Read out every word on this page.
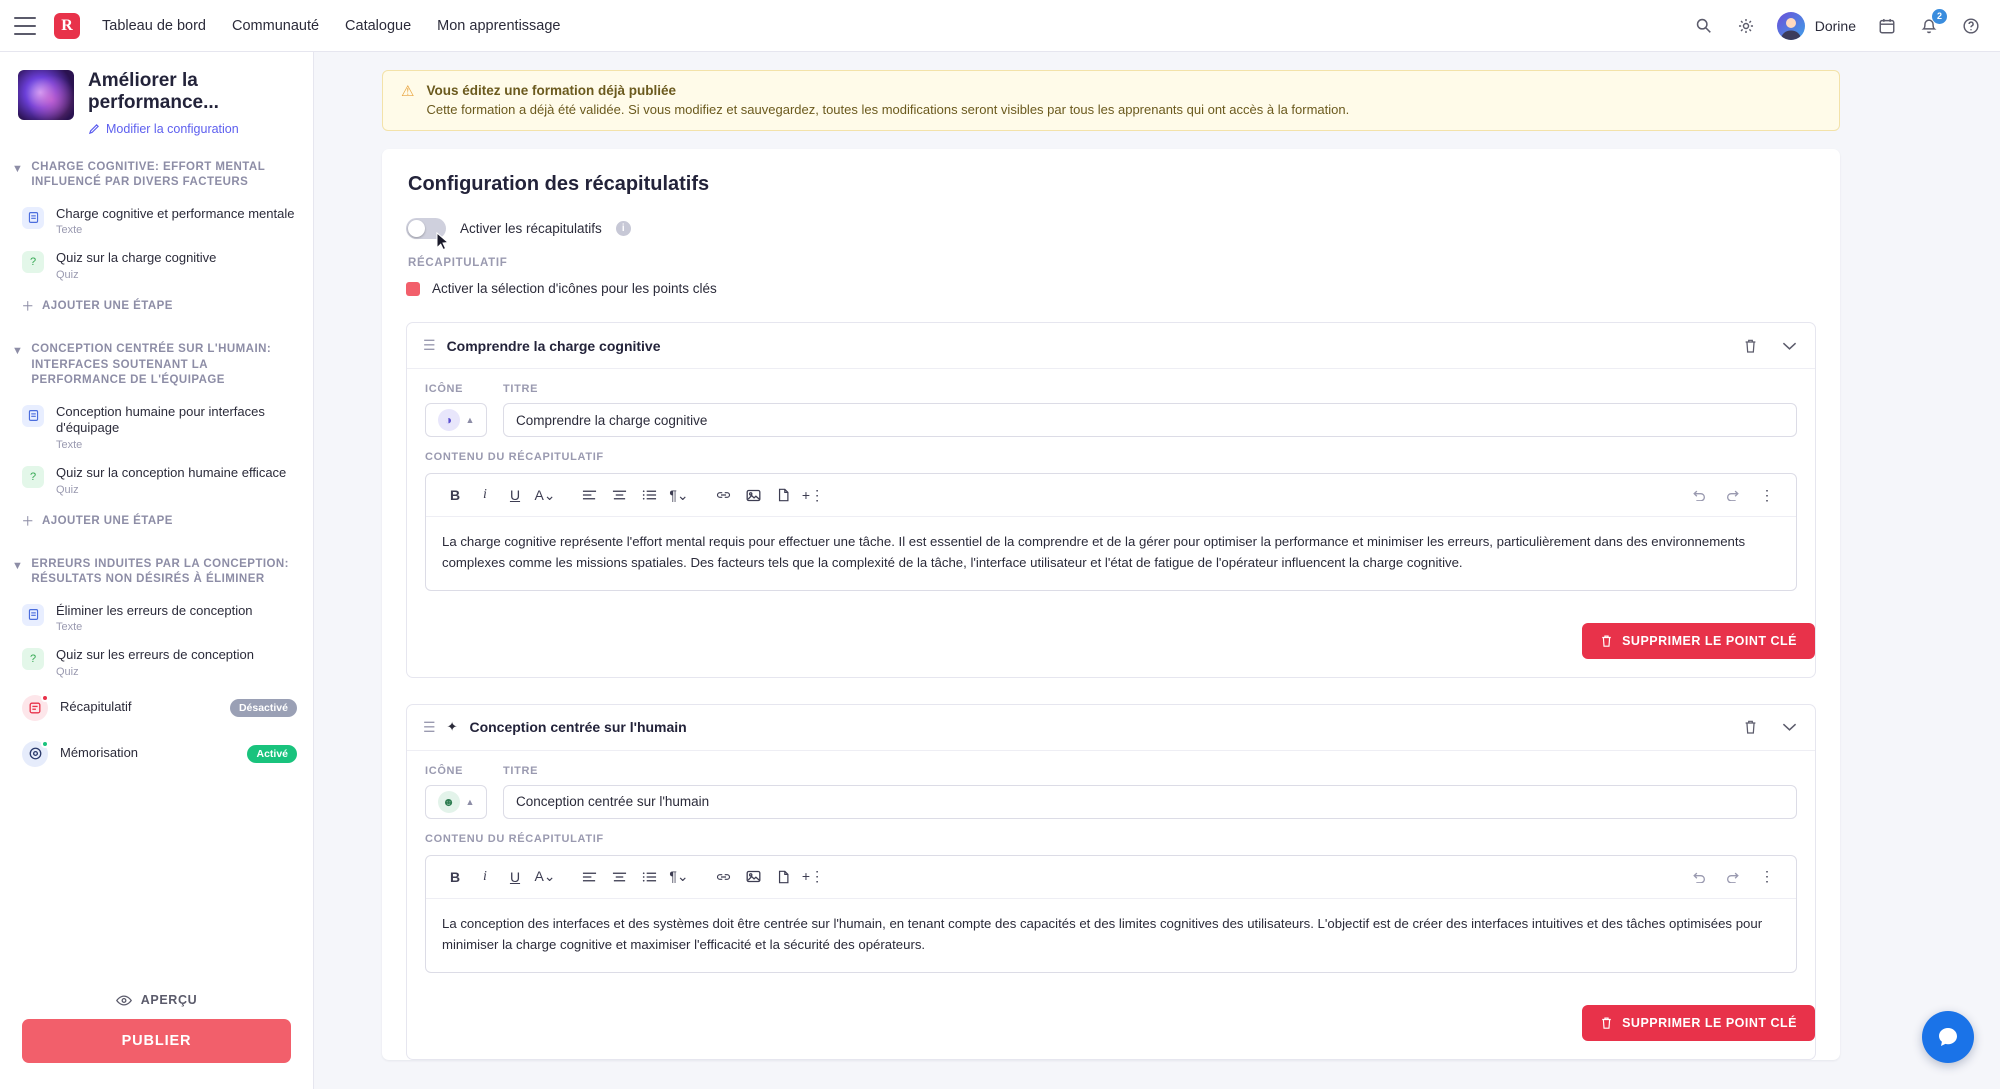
R	Tableau de bord Communauté Catalogue Mon apprentissage	Dorine
2
Améliorer la performance...
Modifier la configuration
▼ CHARGE COGNITIVE: EFFORT MENTAL INFLUENCÉ PAR DIVERS FACTEURS
Charge cognitive et performance mentale
Texte
?	Quiz sur la charge cognitive
Quiz
＋ AJOUTER UNE ÉTAPE
▼ CONCEPTION CENTRÉE SUR L'HUMAIN: INTERFACES SOUTENANT LA PERFORMANCE DE L'ÉQUIPAGE
Conception humaine pour interfaces d'équipage
Texte
?	Quiz sur la conception humaine efficace
Quiz
＋ AJOUTER UNE ÉTAPE
▼ ERREURS INDUITES PAR LA CONCEPTION: RÉSULTATS NON DÉSIRÉS À ÉLIMINER
Éliminer les erreurs de conception
Texte
?	Quiz sur les erreurs de conception
Quiz
Récapitulatif	Désactivé
Mémorisation	Activé
APERÇU
PUBLIER
⚠ Vous éditez une formation déjà publiée
Cette formation a déjà été validée. Si vous modifiez et sauvegardez, toutes les modifications seront visibles par tous les apprenants qui ont accès à la formation.
Configuration des récapitulatifs
Activer les récapitulatifs	i
RÉCAPITULATIF
Activer la sélection d'icônes pour les points clés
☰ Comprendre la charge cognitive
ICÔNE	TITRE
◑	▲
Comprendre la charge cognitive
CONTENU DU RÉCAPITULATIF
B	i	U	A⌄	¶⌄	+⋮	⋮
La charge cognitive représente l'effort mental requis pour effectuer une tâche. Il est essentiel de la comprendre et de la gérer pour optimiser la performance et minimiser les erreurs, particulièrement dans des environnements complexes comme les missions spatiales. Des facteurs tels que la complexité de la tâche, l'interface utilisateur et l'état de fatigue de l'opérateur influencent la charge cognitive.
SUPPRIMER LE POINT CLÉ
☰ ✦ Conception centrée sur l'humain
ICÔNE	TITRE
☻	▲
Conception centrée sur l'humain
CONTENU DU RÉCAPITULATIF
B	i	U	A⌄	¶⌄	+⋮	⋮
La conception des interfaces et des systèmes doit être centrée sur l'humain, en tenant compte des capacités et des limites cognitives des utilisateurs. L'objectif est de créer des interfaces intuitives et des tâches optimisées pour minimiser la charge cognitive et maximiser l'efficacité et la sécurité des opérateurs.
SUPPRIMER LE POINT CLÉ
